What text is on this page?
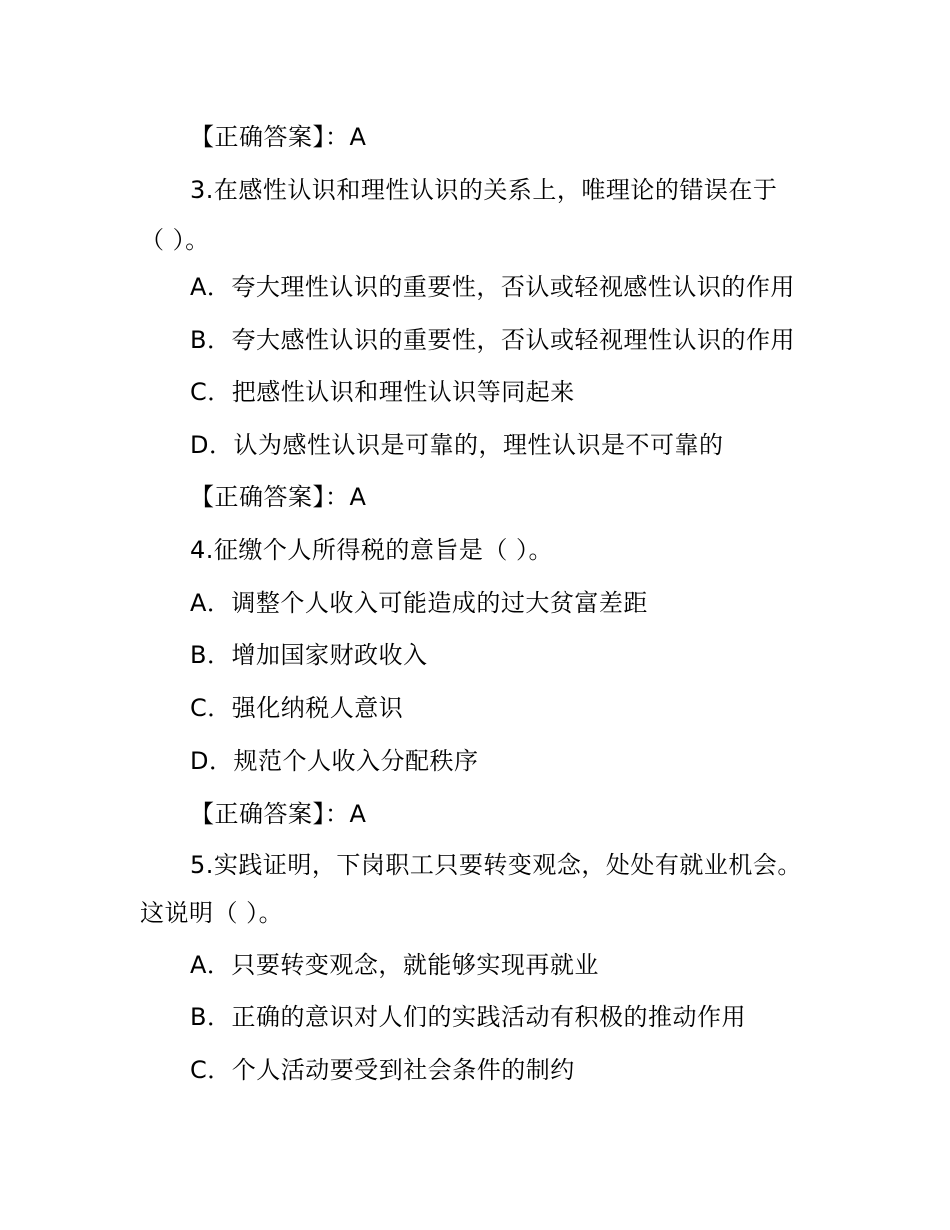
【正确答案】：A
3.在感性认识和理性认识的关系上，唯理论的错误在于
（ ）。
A．夸大理性认识的重要性，否认或轻视感性认识的作用
B．夸大感性认识的重要性，否认或轻视理性认识的作用
C．把感性认识和理性认识等同起来
D．认为感性认识是可靠的，理性认识是不可靠的
【正确答案】：A
4.征缴个人所得税的意旨是（ ）。
A．调整个人收入可能造成的过大贫富差距
B．增加国家财政收入
C．强化纳税人意识
D．规范个人收入分配秩序
【正确答案】：A
5.实践证明，下岗职工只要转变观念，处处有就业机会。
这说明（ ）。
A．只要转变观念，就能够实现再就业
B．正确的意识对人们的实践活动有积极的推动作用
C．个人活动要受到社会条件的制约
